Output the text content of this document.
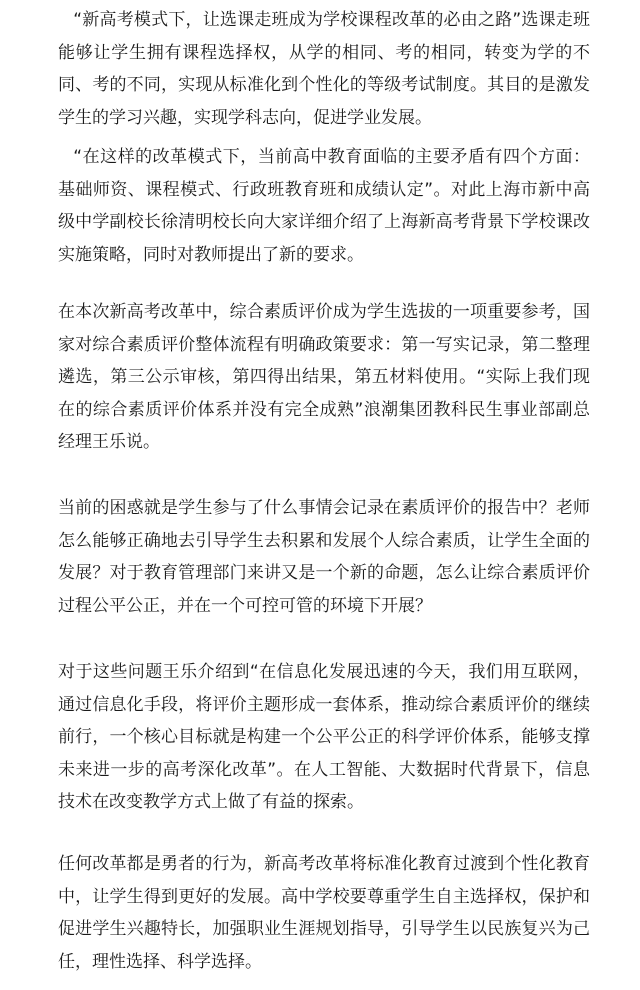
“新高考模式下，让选课走班成为学校课程改革的必由之路”选课走班能够让学生拥有课程选择权，从学的相同、考的相同，转变为学的不同、考的不同，实现从标准化到个性化的等级考试制度。其目的是激发学生的学习兴趣，实现学科志向，促进学业发展。

“在这样的改革模式下，当前高中教育面临的主要矛盾有四个方面：基础师资、课程模式、行政班教育班和成绩认定”。对此上海市新中高级中学副校长徐清明校长向大家详细介绍了上海新高考背景下学校课改实施策略，同时对教师提出了新的要求。

在本次新高考改革中，综合素质评价成为学生选拔的一项重要参考，国家对综合素质评价整体流程有明确政策要求：第一写实记录，第二整理遴选，第三公示审核，第四得出结果，第五材料使用。“实际上我们现在的综合素质评价体系并没有完全成熟”浪潮集团教科民生事业部副总经理王乐说。

当前的困惑就是学生参与了什么事情会记录在素质评价的报告中？老师怎么能够正确地去引导学生去积累和发展个人综合素质，让学生全面的发展？对于教育管理部门来讲又是一个新的命题，怎么让综合素质评价过程公平公正，并在一个可控可管的环境下开展？

对于这些问题王乐介绍到“在信息化发展迅速的今天，我们用互联网，通过信息化手段，将评价主题形成一套体系，推动综合素质评价的继续前行，一个核心目标就是构建一个公平公正的科学评价体系，能够支撑未来进一步的高考深化改革”。在人工智能、大数据时代背景下，信息技术在改变教学方式上做了有益的探索。

任何改革都是勇者的行为，新高考改革将标准化教育过渡到个性化教育中，让学生得到更好的发展。高中学校要尊重学生自主选择权，保护和促进学生兴趣特长，加强职业生涯规划指导，引导学生以民族复兴为己任，理性选择、科学选择。
